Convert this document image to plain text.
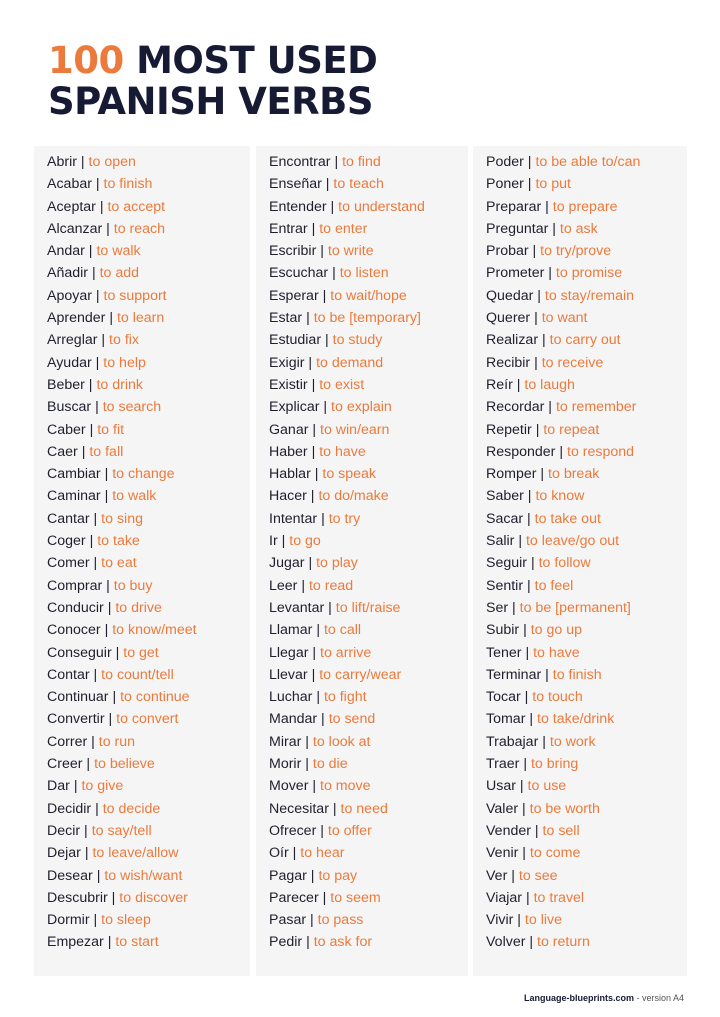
100 MOST USED
SPANISH VERBS
Abrir | to open
Acabar | to finish
Aceptar | to accept
Alcanzar | to reach
Andar | to walk
Añadir | to add
Apoyar | to support
Aprender | to learn
Arreglar | to fix
Ayudar | to help
Beber | to drink
Buscar | to search
Caber | to fit
Caer | to fall
Cambiar | to change
Caminar | to walk
Cantar | to sing
Coger | to take
Comer | to eat
Comprar | to buy
Conducir | to drive
Conocer | to know/meet
Conseguir | to get
Contar | to count/tell
Continuar | to continue
Convertir | to convert
Correr | to run
Creer | to believe
Dar | to give
Decidir | to decide
Decir | to say/tell
Dejar | to leave/allow
Desear | to wish/want
Descubrir | to discover
Dormir | to sleep
Empezar | to start
Encontrar | to find
Enseñar | to teach
Entender | to understand
Entrar | to enter
Escribir | to write
Escuchar | to listen
Esperar | to wait/hope
Estar | to be [temporary]
Estudiar | to study
Exigir | to demand
Existir | to exist
Explicar | to explain
Ganar | to win/earn
Haber | to have
Hablar | to speak
Hacer | to do/make
Intentar | to try
Ir | to go
Jugar | to play
Leer | to read
Levantar | to lift/raise
Llamar | to call
Llegar | to arrive
Llevar | to carry/wear
Luchar | to fight
Mandar | to send
Mirar | to look at
Morir | to die
Mover | to move
Necesitar | to need
Ofrecer | to offer
Oír | to hear
Pagar | to pay
Parecer | to seem
Pasar | to pass
Pedir | to ask for
Poder | to be able to/can
Poner | to put
Preparar | to prepare
Preguntar | to ask
Probar | to try/prove
Prometer | to promise
Quedar | to stay/remain
Querer | to want
Realizar | to carry out
Recibir | to receive
Reír | to laugh
Recordar | to remember
Repetir | to repeat
Responder | to respond
Romper | to break
Saber | to know
Sacar | to take out
Salir | to leave/go out
Seguir | to follow
Sentir | to feel
Ser | to be [permanent]
Subir | to go up
Tener | to have
Terminar | to finish
Tocar | to touch
Tomar | to take/drink
Trabajar | to work
Traer | to bring
Usar | to use
Valer | to be worth
Vender | to sell
Venir | to come
Ver | to see
Viajar | to travel
Vivir | to live
Volver | to return
Language-blueprints.com - version A4
